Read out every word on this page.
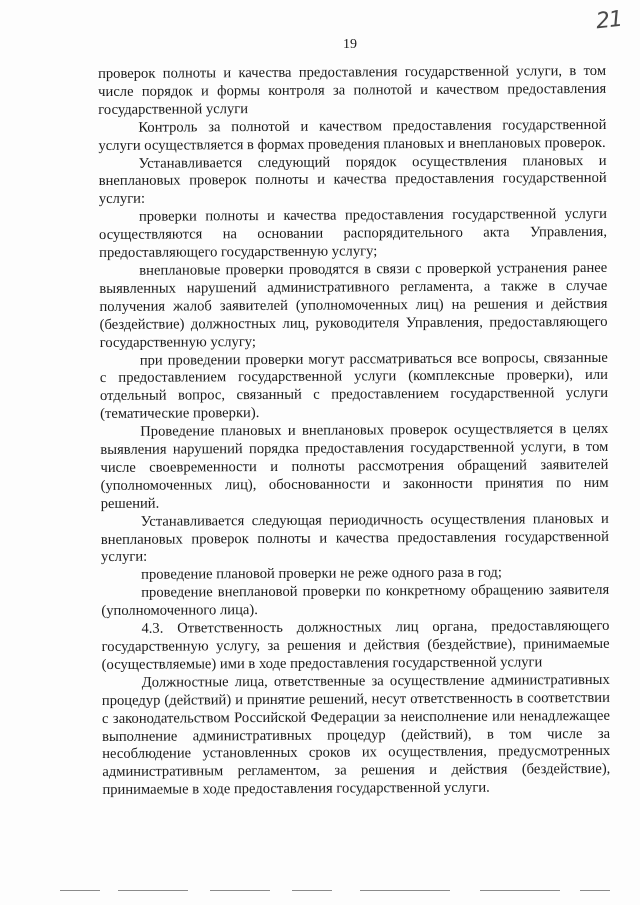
21
19

проверок полноты и качества предоставления государственной услуги, в том числе порядок и формы контроля за полнотой и качеством предоставления государственной услуги

Контроль за полнотой и качеством предоставления государственной услуги осуществляется в формах проведения плановых и внеплановых проверок.

Устанавливается следующий порядок осуществления плановых и внеплановых проверок полноты и качества предоставления государственной услуги:

проверки полноты и качества предоставления государственной услуги осуществляются на основании распорядительного акта Управления, предоставляющего государственную услугу;

внеплановые проверки проводятся в связи с проверкой устранения ранее выявленных нарушений административного регламента, а также в случае получения жалоб заявителей (уполномоченных лиц) на решения и действия (бездействие) должностных лиц, руководителя Управления, предоставляющего государственную услугу;

при проведении проверки могут рассматриваться все вопросы, связанные с предоставлением государственной услуги (комплексные проверки), или отдельный вопрос, связанный с предоставлением государственной услуги (тематические проверки).

Проведение плановых и внеплановых проверок осуществляется в целях выявления нарушений порядка предоставления государственной услуги, в том числе своевременности и полноты рассмотрения обращений заявителей (уполномоченных лиц), обоснованности и законности принятия по ним решений.

Устанавливается следующая периодичность осуществления плановых и внеплановых проверок полноты и качества предоставления государственной услуги:

проведение плановой проверки не реже одного раза в год;

проведение внеплановой проверки по конкретному обращению заявителя (уполномоченного лица).

4.3. Ответственность должностных лиц органа, предоставляющего государственную услугу, за решения и действия (бездействие), принимаемые (осуществляемые) ими в ходе предоставления государственной услуги

Должностные лица, ответственные за осуществление административных процедур (действий) и принятие решений, несут ответственность в соответствии с законодательством Российской Федерации за неисполнение или ненадлежащее выполнение административных процедур (действий), в том числе за несоблюдение установленных сроков их осуществления, предусмотренных административным регламентом, за решения и действия (бездействие), принимаемые в ходе предоставления государственной услуги.
